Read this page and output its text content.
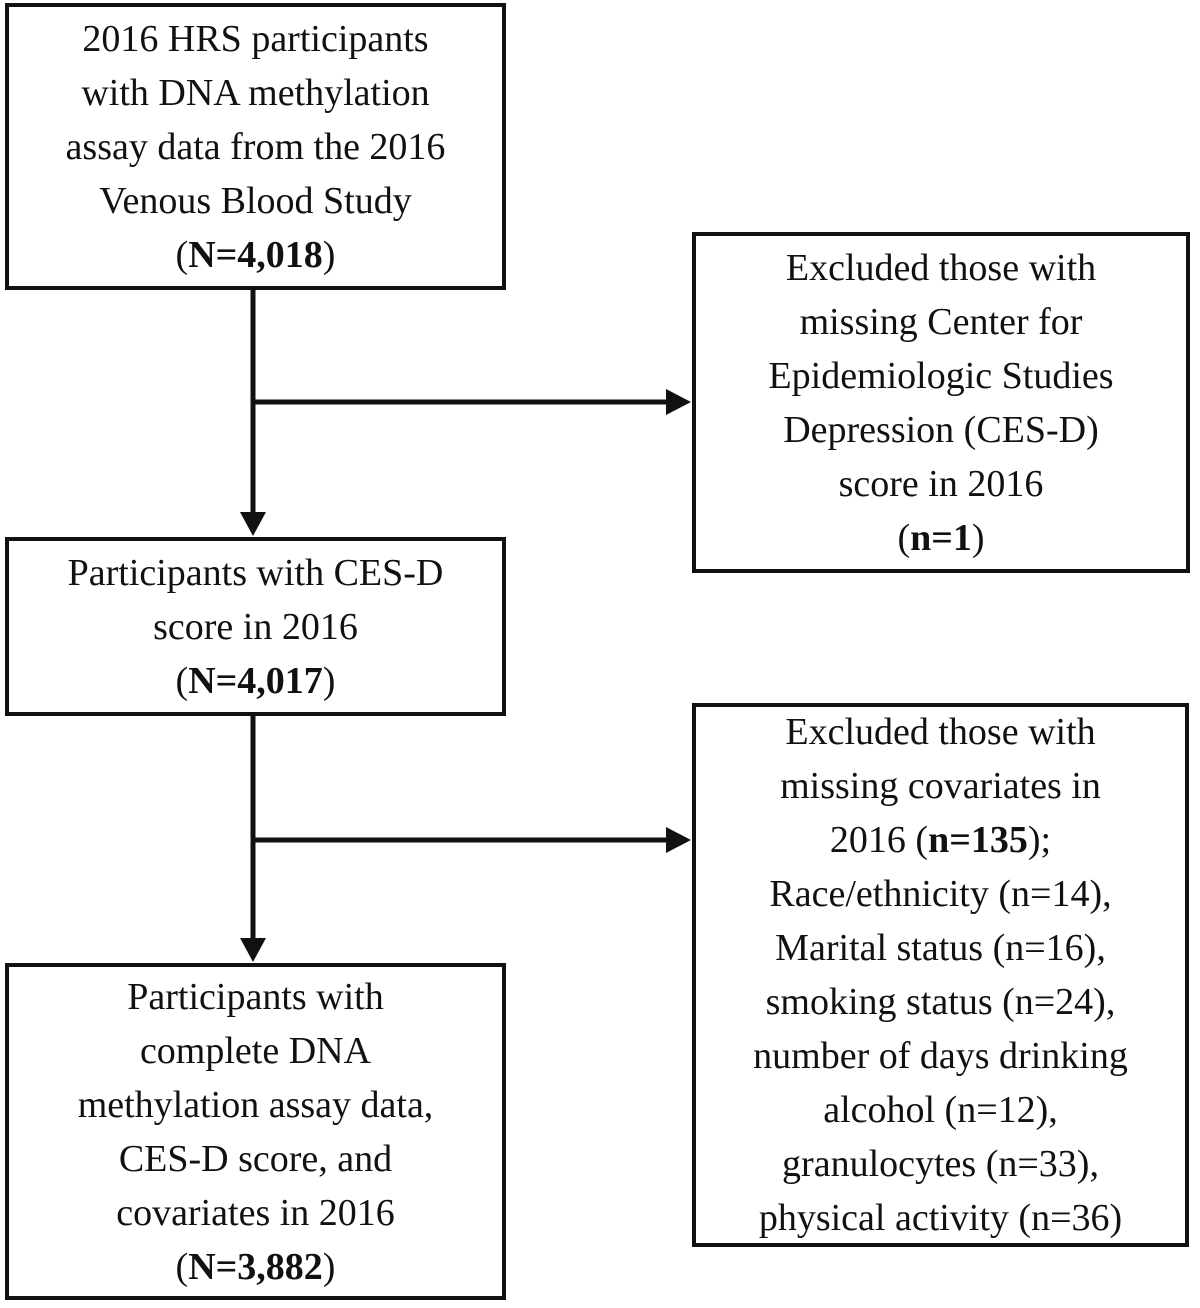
2016 HRS participants
with DNA methylation
assay data from the 2016
Venous Blood Study
(N=4,018)	Excluded those with
missing Center for
Epidemiologic Studies
Depression (CES-D)
score in 2016
(n=1)
Participants with CES-D
score in 2016
(N=4,017)
Excluded those with
missing covariates in
2016 (n=135);
Race/ethnicity (n=14),
Marital status (n=16),
smoking status (n=24),
number of days drinking
alcohol (n=12),
granulocytes (n=33),
physical activity (n=36)
Participants with
complete DNA
methylation assay data,
CES-D score, and
covariates in 2016
(N=3,882)
